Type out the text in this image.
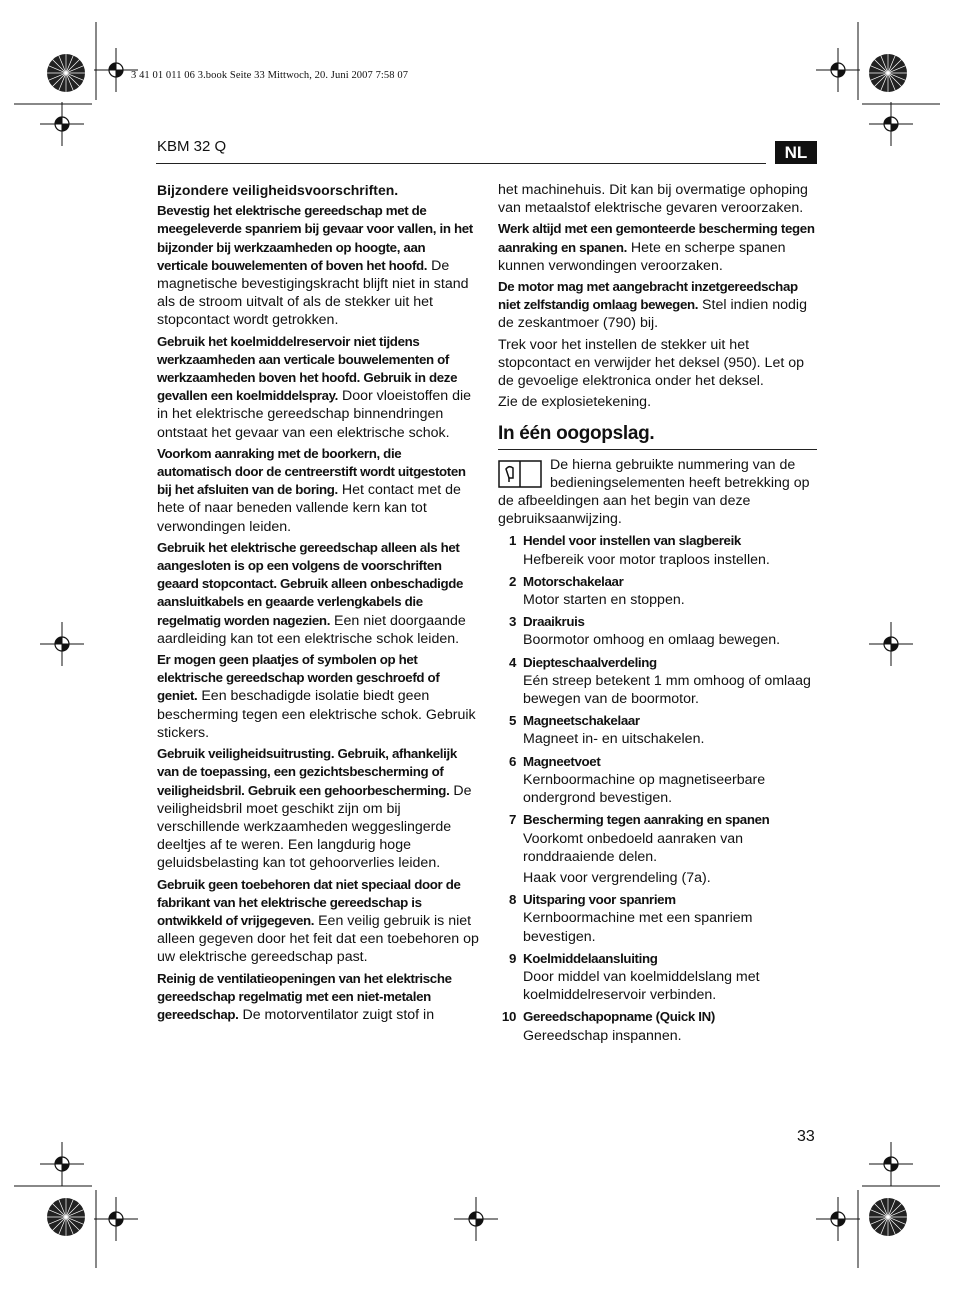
3 41 01 011 06 3.book Seite 33 Mittwoch, 20. Juni 2007 7:58 07
KBM 32 Q	NL

Bijzondere veiligheidsvoorschriften.

Bevestig het elektrische gereedschap met de meegeleverde spanriem bij gevaar voor vallen, in het bijzonder bij werkzaamheden op hoogte, aan verticale bouwelementen of boven het hoofd. De magnetische bevestigingskracht blijft niet in stand als de stroom uitvalt of als de stekker uit het stopcontact wordt getrokken.

Gebruik het koelmiddelreservoir niet tijdens werkzaamheden aan verticale bouwelementen of werkzaamheden boven het hoofd. Gebruik in deze gevallen een koelmiddelspray. Door vloeistoffen die in het elektrische gereedschap binnendringen ontstaat het gevaar van een elektrische schok.

Voorkom aanraking met de boorkern, die automatisch door de centreerstift wordt uitgestoten bij het afsluiten van de boring. Het contact met de hete of naar beneden vallende kern kan tot verwondingen leiden.

Gebruik het elektrische gereedschap alleen als het aangesloten is op een volgens de voorschriften geaard stopcontact. Gebruik alleen onbeschadigde aansluitkabels en geaarde verlengkabels die regelmatig worden nagezien. Een niet doorgaande aardleiding kan tot een elektrische schok leiden.

Er mogen geen plaatjes of symbolen op het elektrische gereedschap worden geschroefd of geniet. Een beschadigde isolatie biedt geen bescherming tegen een elektrische schok. Gebruik stickers.

Gebruik veiligheidsuitrusting. Gebruik, afhankelijk van de toepassing, een gezichtsbescherming of veiligheidsbril. Gebruik een gehoorbescherming. De veiligheidsbril moet geschikt zijn om bij verschillende werkzaamheden weggeslingerde deeltjes af te weren. Een langdurig hoge geluidsbelasting kan tot gehoorverlies leiden.

Gebruik geen toebehoren dat niet speciaal door de fabrikant van het elektrische gereedschap is ontwikkeld of vrijgegeven. Een veilig gebruik is niet alleen gegeven door het feit dat een toebehoren op uw elektrische gereedschap past.

Reinig de ventilatieopeningen van het elektrische gereedschap regelmatig met een niet-metalen gereedschap. De motorventilator zuigt stof in

het machinehuis. Dit kan bij overmatige ophoping van metaalstof elektrische gevaren veroorzaken.

Werk altijd met een gemonteerde bescherming tegen aanraking en spanen. Hete en scherpe spanen kunnen verwondingen veroorzaken.

De motor mag met aangebracht inzetgereedschap niet zelfstandig omlaag bewegen. Stel indien nodig de zeskantmoer (790) bij.

Trek voor het instellen de stekker uit het stopcontact en verwijder het deksel (950). Let op de gevoelige elektronica onder het deksel.

Zie de explosietekening.

In één oogopslag.
De hierna gebruikte nummering van de bedieningselementen heeft betrekking op de afbeeldingen aan het begin van deze gebruiksaanwijzing.
1 Hendel voor instellen van slagbereik

Hefbereik voor motor traploos instellen.

2 Motorschakelaar

Motor starten en stoppen.

3 Draaikruis

Boormotor omhoog en omlaag bewegen.

4 Diepteschaalverdeling

Eén streep betekent 1 mm omhoog of omlaag bewegen van de boormotor.

5 Magneetschakelaar

Magneet in- en uitschakelen.

6 Magneetvoet

Kernboormachine op magnetiseerbare ondergrond bevestigen.

7 Bescherming tegen aanraking en spanen

Voorkomt onbedoeld aanraken van ronddraaiende delen.

Haak voor vergrendeling (7a).

8 Uitsparing voor spanriem

Kernboormachine met een spanriem bevestigen.

9 Koelmiddelaansluiting

Door middel van koelmiddelslang met koelmiddelreservoir verbinden.

10 Gereedschapopname (Quick IN)

Gereedschap inspannen.

33
